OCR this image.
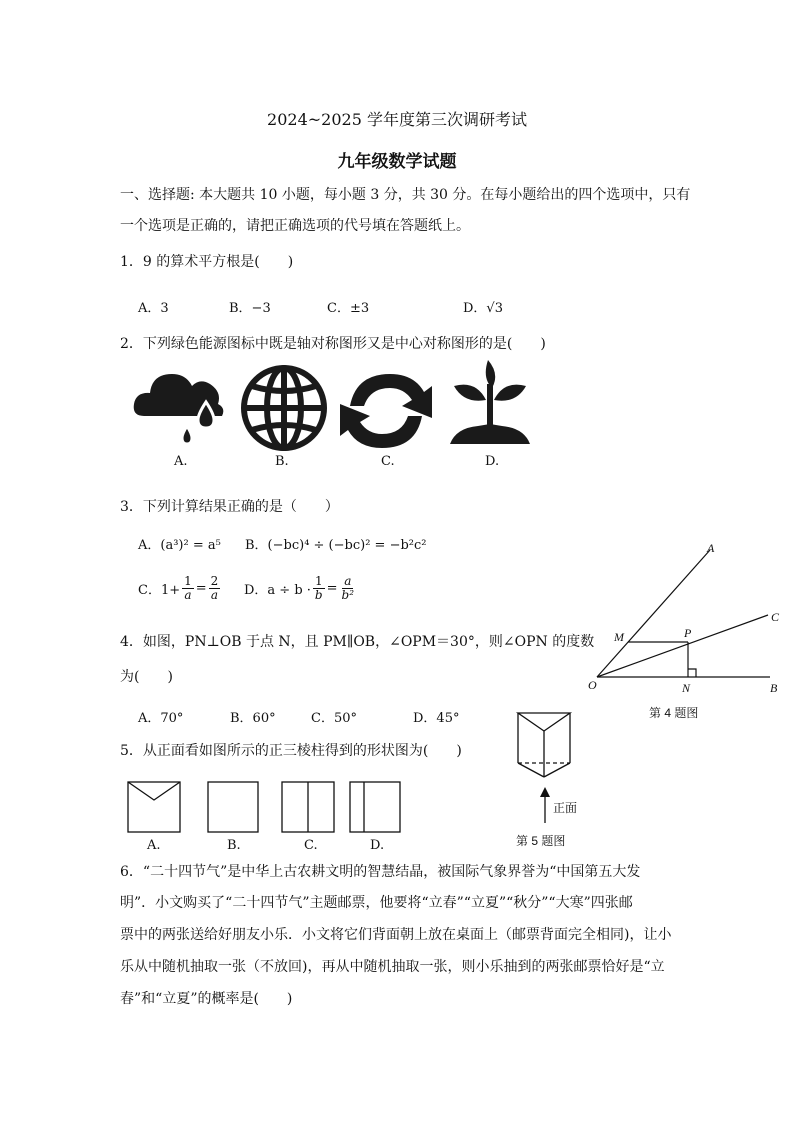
2024~2025 学年度第三次调研考试
九年级数学试题
一、选择题: 本大题共 10 小题，每小题 3 分，共 30 分。在每小题给出的四个选项中，只有
一个选项是正确的，请把正确选项的代号填在答题纸上。
1．9 的算术平方根是(　　)
A．3	B．−3	C．±3	D．√3
2．下列绿色能源图标中既是轴对称图形又是中心对称图形的是(　　)
A.	B.	C.	D.
3．下列计算结果正确的是（　　）
A．(a³)² = a⁵ B．(−bc)⁴ ÷ (−bc)² = −b²c²
C．$1+ \frac{1}{a} = \frac{2}{a}$ D．$a \div b \cdot \frac{1}{b} = \frac{a}{\text{b²}}$
4．如图，PN⊥OB 于点 N，且 PM∥OB，∠OPM＝30°，则∠OPN 的度数
为(　　)
A．70°	B．60°	C．50°	D．45°
A
C
M	P
O	N	B
第 4 题图
5．从正面看如图所示的正三棱柱得到的形状图为(　　)
A.	B.	C.	D.
正面
第 5 题图
6．“二十四节气”是中华上古农耕文明的智慧结晶，被国际气象界誉为“中国第五大发
明”．小文购买了“二十四节气”主题邮票，他要将“立春”“立夏”“秋分”“大寒”四张邮
票中的两张送给好朋友小乐．小文将它们背面朝上放在桌面上（邮票背面完全相同)，让小
乐从中随机抽取一张（不放回)，再从中随机抽取一张，则小乐抽到的两张邮票恰好是“立
春”和“立夏”的概率是(　　)
